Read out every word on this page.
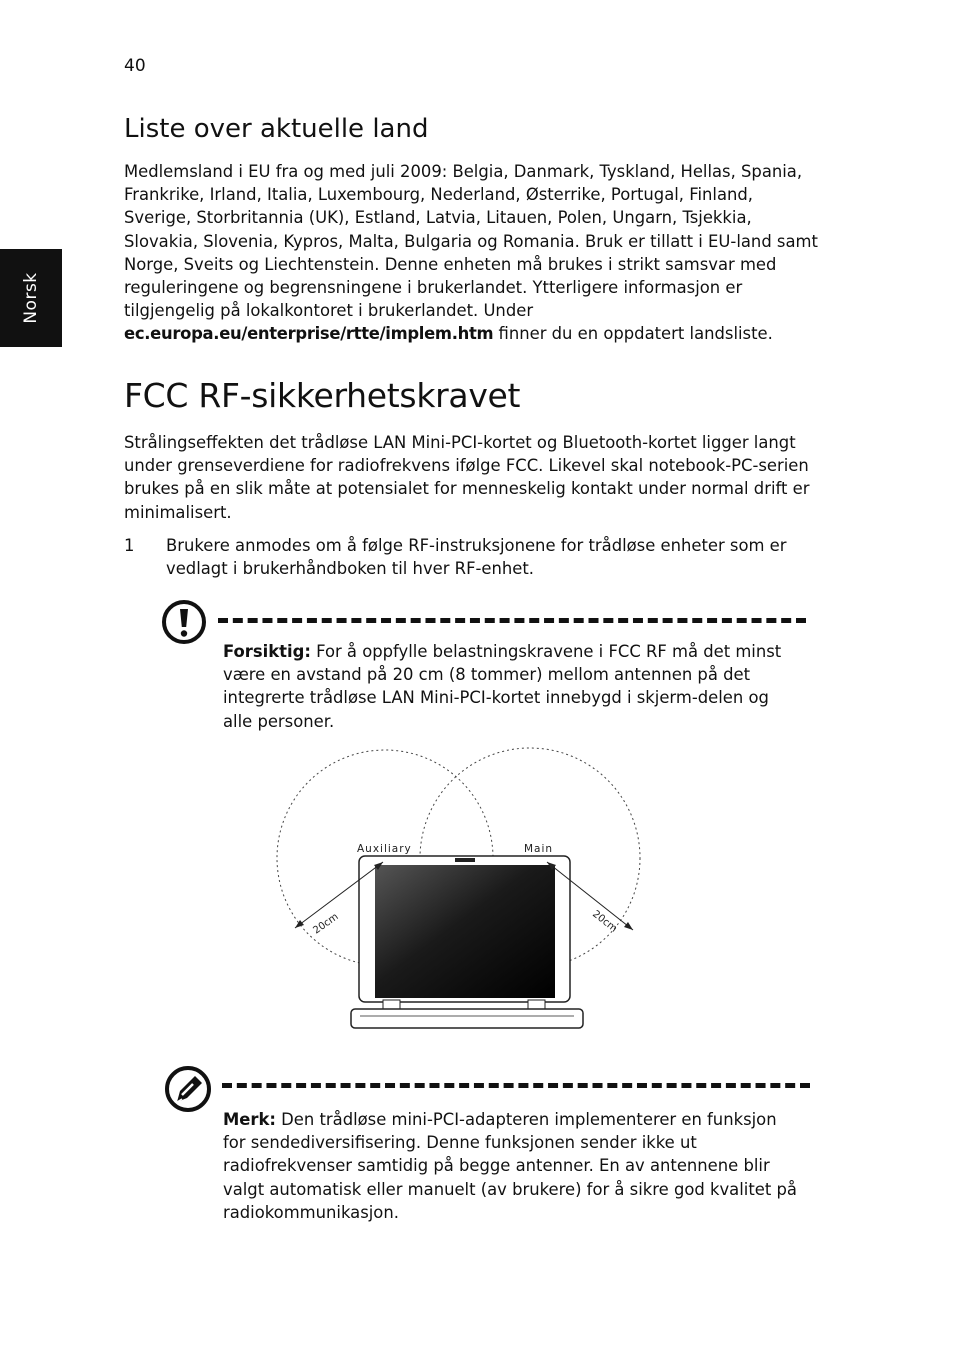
40
Norsk
Liste over aktuelle land

Medlemsland i EU fra og med juli 2009: Belgia, Danmark, Tyskland, Hellas, Spania, Frankrike, Irland, Italia, Luxembourg, Nederland, Østerrike, Portugal, Finland, Sverige, Storbritannia (UK), Estland, Latvia, Litauen, Polen, Ungarn, Tsjekkia, Slovakia, Slovenia, Kypros, Malta, Bulgaria og Romania. Bruk er tillatt i EU-land samt Norge, Sveits og Liechtenstein. Denne enheten må brukes i strikt samsvar med reguleringene og begrensningene i brukerlandet. Ytterligere informasjon er tilgjengelig på lokalkontoret i brukerlandet. Under
ec.europa.eu/enterprise/rtte/implem.htm finner du en oppdatert landsliste.

FCC RF-sikkerhetskravet

Strålingseffekten det trådløse LAN Mini-PCI-kortet og Bluetooth-kortet ligger langt under grenseverdiene for radiofrekvens ifølge FCC. Likevel skal notebook-PC-serien brukes på en slik måte at potensialet for menneskelig kontakt under normal drift er minimalisert.

1 Brukere anmodes om å følge RF-instruksjonene for trådløse enheter som er vedlagt i brukerhåndboken til hver RF-enhet.

Forsiktig: For å oppfylle belastningskravene i FCC RF må det minst være en avstand på 20 cm (8 tommer) mellom antennen på det integrerte trådløse LAN Mini-PCI-kortet innebygd i skjerm-delen og alle personer.

Auxiliary	Main
20cm	20cm

Merk: Den trådløse mini-PCI-adapteren implementerer en funksjon for sendediversifisering. Denne funksjonen sender ikke ut radiofrekvenser samtidig på begge antenner. En av antennene blir valgt automatisk eller manuelt (av brukere) for å sikre god kvalitet på radiokommunikasjon.
